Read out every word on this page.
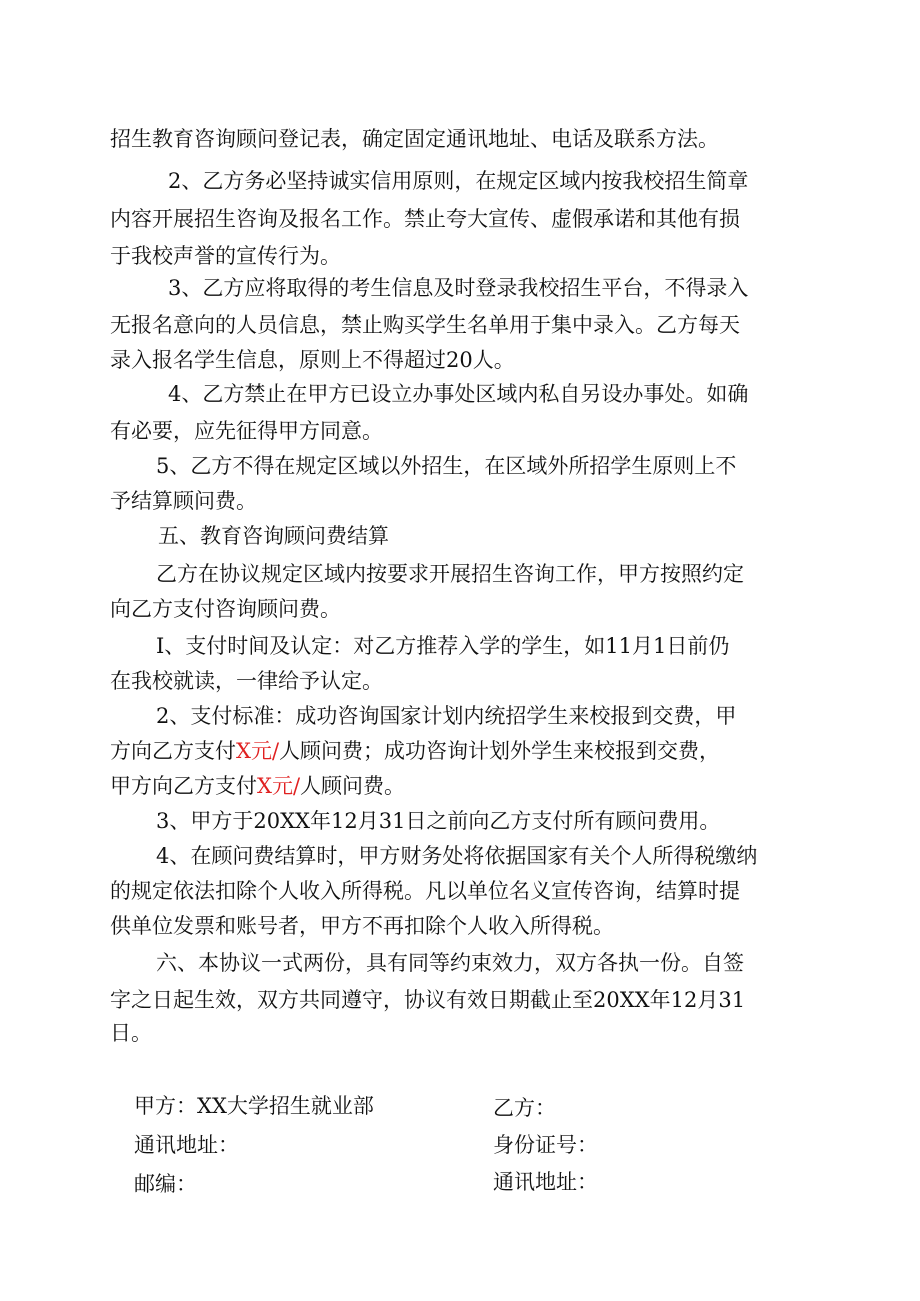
招生教育咨询顾问登记表，确定固定通讯地址、电话及联系方法。
2、乙方务必坚持诚实信用原则，在规定区域内按我校招生简章
内容开展招生咨询及报名工作。禁止夸大宣传、虚假承诺和其他有损
于我校声誉的宣传行为。
3、乙方应将取得的考生信息及时登录我校招生平台，不得录入
无报名意向的人员信息，禁止购买学生名单用于集中录入。乙方每天
录入报名学生信息，原则上不得超过20人。
4、乙方禁止在甲方已设立办事处区域内私自另设办事处。如确
有必要，应先征得甲方同意。
5、乙方不得在规定区域以外招生，在区域外所招学生原则上不
予结算顾问费。
五、教育咨询顾问费结算
乙方在协议规定区域内按要求开展招生咨询工作，甲方按照约定
向乙方支付咨询顾问费。
I、支付时间及认定：对乙方推荐入学的学生，如11月1日前仍
在我校就读，一律给予认定。
2、支付标准：成功咨询国家计划内统招学生来校报到交费，甲
方向乙方支付X元/人顾问费；成功咨询计划外学生来校报到交费，
甲方向乙方支付X元/人顾问费。
3、甲方于20XX年12月31日之前向乙方支付所有顾问费用。
4、在顾问费结算时，甲方财务处将依据国家有关个人所得税缴纳
的规定依法扣除个人收入所得税。凡以单位名义宣传咨询，结算时提
供单位发票和账号者，甲方不再扣除个人收入所得税。
六、本协议一式两份，具有同等约束效力，双方各执一份。自签
字之日起生效，双方共同遵守，协议有效日期截止至20XX年12月31
日。
甲方：XX大学招生就业部
通讯地址：
邮编：
乙方：
身份证号：
通讯地址：
